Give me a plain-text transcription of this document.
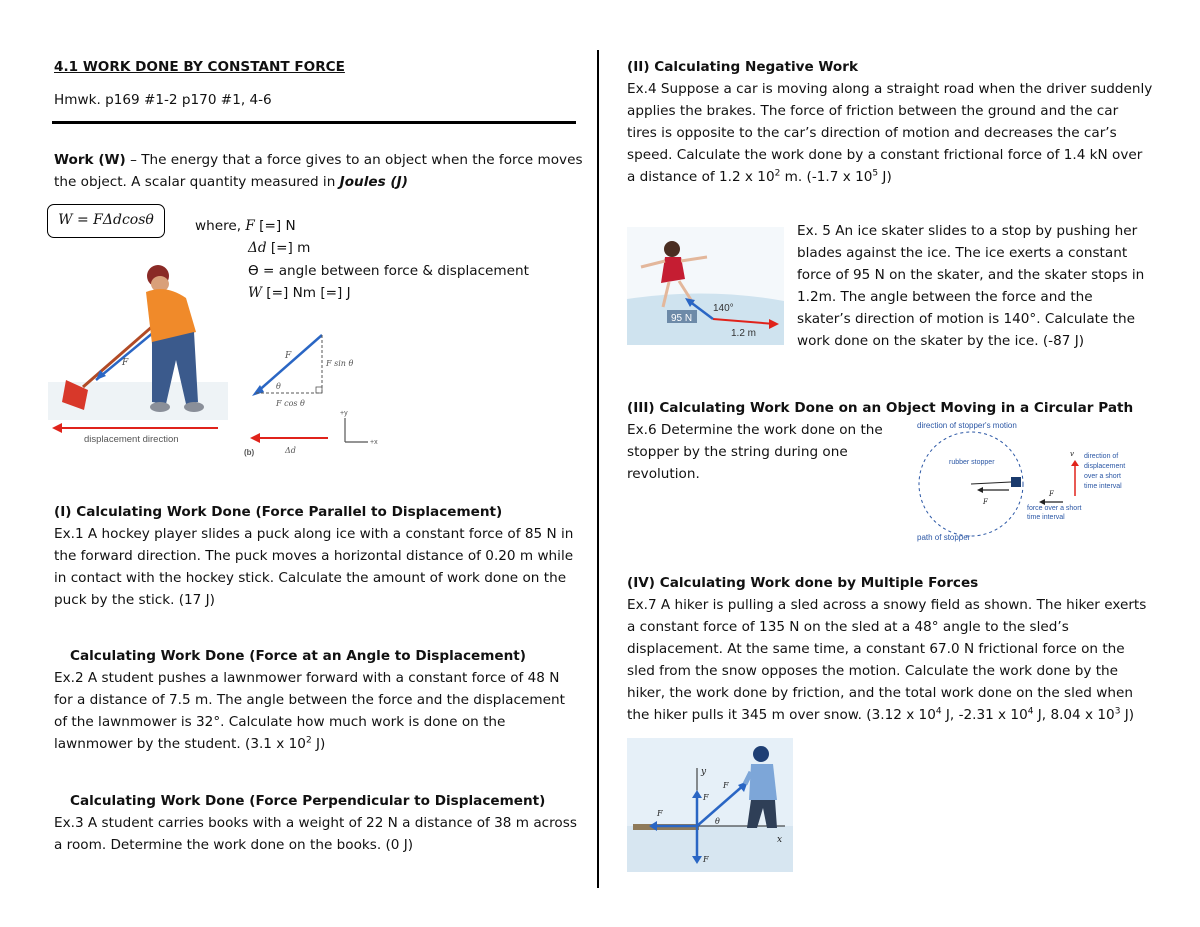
4.1 WORK DONE BY CONSTANT FORCE
Hmwk. p169 #1-2 p170 #1, 4-6
Work (W) – The energy that a force gives to an object when the force moves
the object. A scalar quantity measured in Joules (J)
W = FΔdcosθ	where, F [=] N
Δd [=] m
ϴ = angle between force & displacement
W [=] Nm [=] J
F
displacement direction
F
F sin θ
F cos θ
θ
+y
+x
(b)	Δd
(I) Calculating Work Done (Force Parallel to Displacement)
Ex.1 A hockey player slides a puck along ice with a constant force of 85 N in
the forward direction. The puck moves a horizontal distance of 0.20 m while
in contact with the hockey stick. Calculate the amount of work done on the
puck by the stick. (17 J)
Calculating Work Done (Force at an Angle to Displacement)
Ex.2 A student pushes a lawnmower forward with a constant force of 48 N
for a distance of 7.5 m. The angle between the force and the displacement
of the lawnmower is 32°. Calculate how much work is done on the
lawnmower by the student. (3.1 x $10^2$ J)
Calculating Work Done (Force Perpendicular to Displacement)
Ex.3 A student carries books with a weight of 22 N a distance of 38 m across
a room. Determine the work done on the books. (0 J)
(II) Calculating Negative Work
Ex.4 Suppose a car is moving along a straight road when the driver suddenly
applies the brakes. The force of friction between the ground and the car
tires is opposite to the car’s direction of motion and decreases the car’s
speed. Calculate the work done by a constant frictional force of 1.4 kN over
a distance of 1.2 x $10^2$ m. (-1.7 x $10^5$ J)
95 N
140°
1.2 m
Ex. 5 An ice skater slides to a stop by pushing her
blades against the ice. The ice exerts a constant
force of 95 N on the skater, and the skater stops in
1.2m. The angle between the force and the
skater’s direction of motion is 140°. Calculate the
work done on the skater by the ice. (-87 J)
(III) Calculating Work Done on an Object Moving in a Circular Path
Ex.6 Determine the work done on the
stopper by the string during one
revolution.
direction of stopper's motion
rubber stopper
F
v direction of
displacement
over a short
time interval
F
force over a short
time interval
path of stopper
(IV) Calculating Work done by Multiple Forces
Ex.7 A hiker is pulling a sled across a snowy field as shown. The hiker exerts
a constant force of 135 N on the sled at a 48° angle to the sled’s
displacement. At the same time, a constant 67.0 N frictional force on the
sled from the snow opposes the motion. Calculate the work done by the
hiker, the work done by friction, and the total work done on the sled when
the hiker pulls it 345 m over snow. (3.12 x $10^4$ J, -2.31 x $10^4$ J, 8.04 x $10^3$ J)
y
x
F
F
F
F
θ
